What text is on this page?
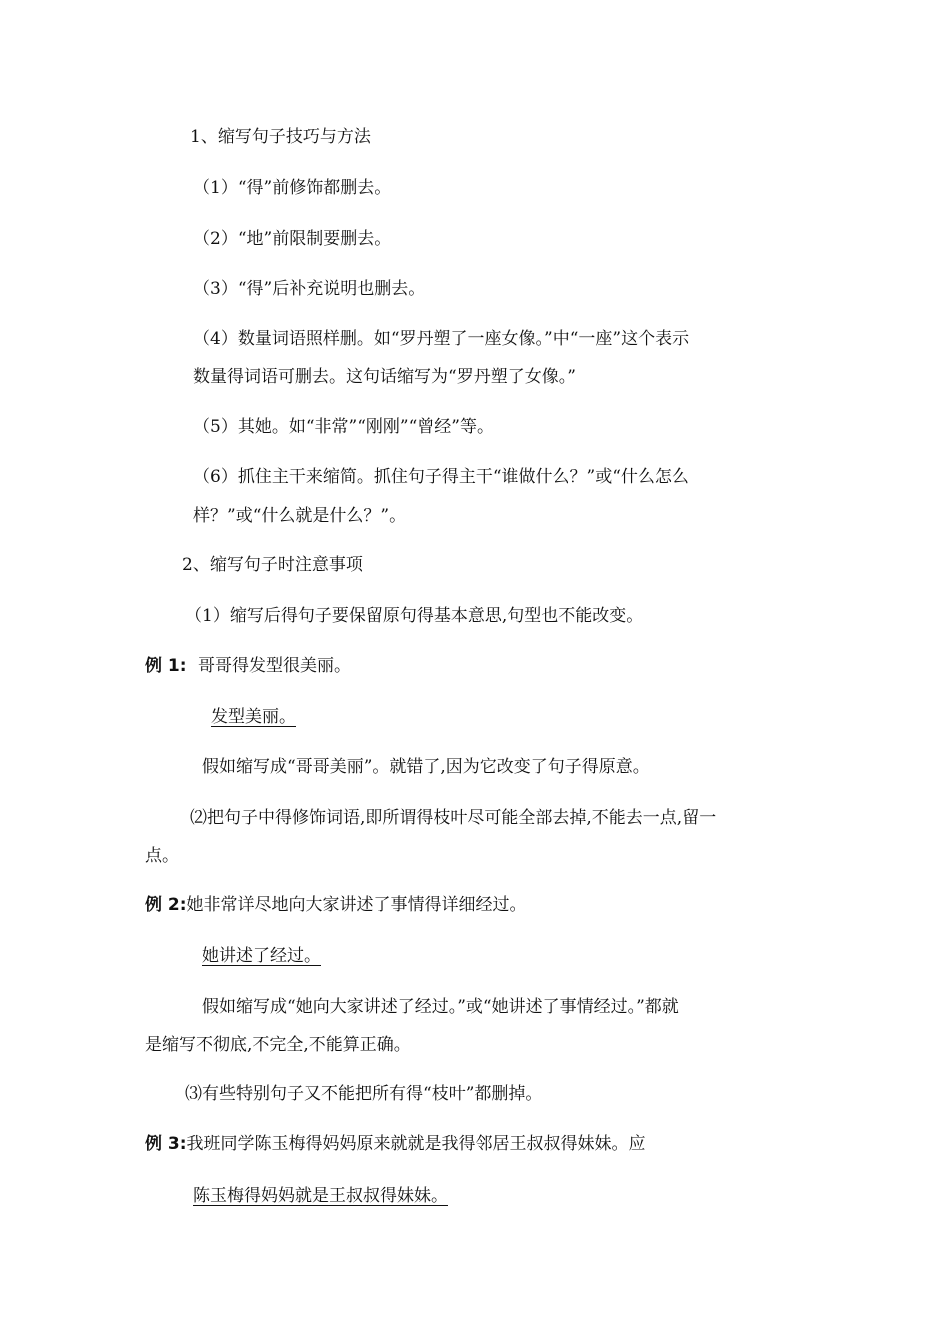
1、缩写句子技巧与方法
（1）“得”前修饰都删去。
（2）“地”前限制要删去。
（3）“得”后补充说明也删去。
（4）数量词语照样删。如“罗丹塑了一座女像。”中“一座”这个表示
数量得词语可删去。这句话缩写为“罗丹塑了女像。”
（5）其她。如“非常”“刚刚”“曾经”等。
（6）抓住主干来缩简。抓住句子得主干“谁做什么？”或“什么怎么
样？”或“什么就是什么？”。
2、缩写句子时注意事项
（1）缩写后得句子要保留原句得基本意思,句型也不能改变。
例 1: 哥哥得发型很美丽。
发型美丽。
假如缩写成“哥哥美丽”。就错了,因为它改变了句子得原意。
⑵把句子中得修饰词语,即所谓得枝叶尽可能全部去掉,不能去一点,留一
点。
例 2:她非常详尽地向大家讲述了事情得详细经过。
她讲述了经过。
假如缩写成“她向大家讲述了经过。”或“她讲述了事情经过。”都就
是缩写不彻底,不完全,不能算正确。
⑶有些特别句子又不能把所有得“枝叶”都删掉。
例 3:我班同学陈玉梅得妈妈原来就就是我得邻居王叔叔得妹妹。应
陈玉梅得妈妈就是王叔叔得妹妹。
